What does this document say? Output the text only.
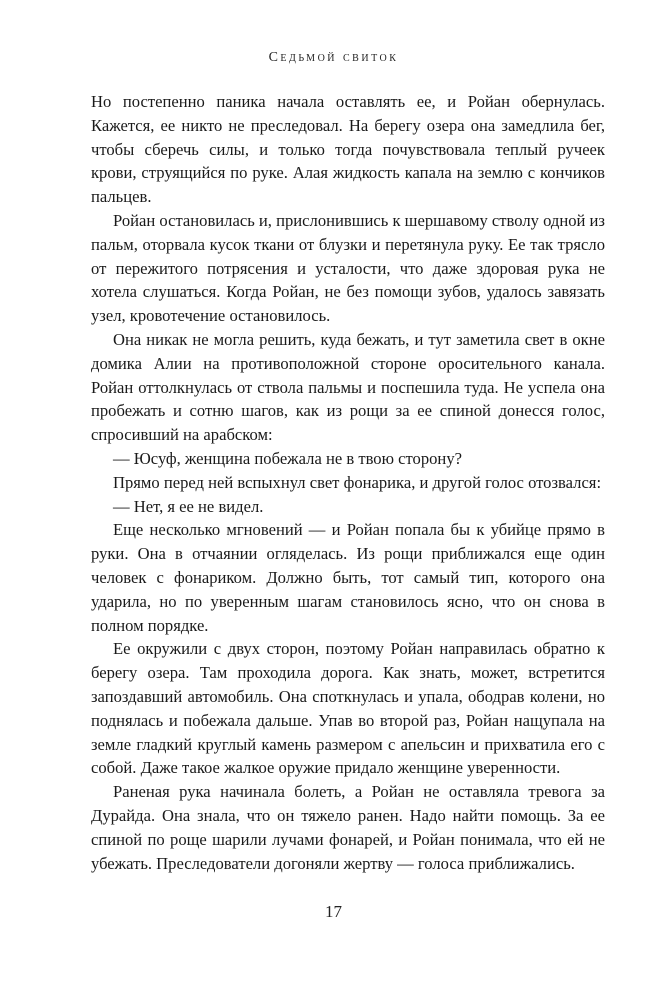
Седьмой свиток

Но постепенно паника начала оставлять ее, и Ройан обернулась. Кажется, ее никто не преследовал. На берегу озера она замедлила бег, чтобы сберечь силы, и только тогда почувствовала теплый ручеек крови, струящийся по руке. Алая жидкость капала на землю с кончиков пальцев.

Ройан остановилась и, прислонившись к шершавому стволу одной из пальм, оторвала кусок ткани от блузки и перетянула руку. Ее так трясло от пережитого потрясения и усталости, что даже здоровая рука не хотела слушаться. Когда Ройан, не без помощи зубов, удалось завязать узел, кровотечение остановилось.

Она никак не могла решить, куда бежать, и тут заметила свет в окне домика Алии на противоположной стороне оросительного канала. Ройан оттолкнулась от ствола пальмы и поспешила туда. Не успела она пробежать и сотню шагов, как из рощи за ее спиной донесся голос, спросивший на арабском:

— Юсуф, женщина побежала не в твою сторону?

Прямо перед ней вспыхнул свет фонарика, и другой голос отозвался:

— Нет, я ее не видел.

Еще несколько мгновений — и Ройан попала бы к убийце прямо в руки. Она в отчаянии огляделась. Из рощи приближался еще один человек с фонариком. Должно быть, тот самый тип, которого она ударила, но по уверенным шагам становилось ясно, что он снова в полном порядке.

Ее окружили с двух сторон, поэтому Ройан направилась обратно к берегу озера. Там проходила дорога. Как знать, может, встретится запоздавший автомобиль. Она споткнулась и упала, ободрав колени, но поднялась и побежала дальше. Упав во второй раз, Ройан нащупала на земле гладкий круглый камень размером с апельсин и прихватила его с собой. Даже такое жалкое оружие придало женщине уверенности.

Раненая рука начинала болеть, а Ройан не оставляла тревога за Дурайда. Она знала, что он тяжело ранен. Надо найти помощь. За ее спиной по роще шарили лучами фонарей, и Ройан понимала, что ей не убежать. Преследователи догоняли жертву — голоса приближались.

17
